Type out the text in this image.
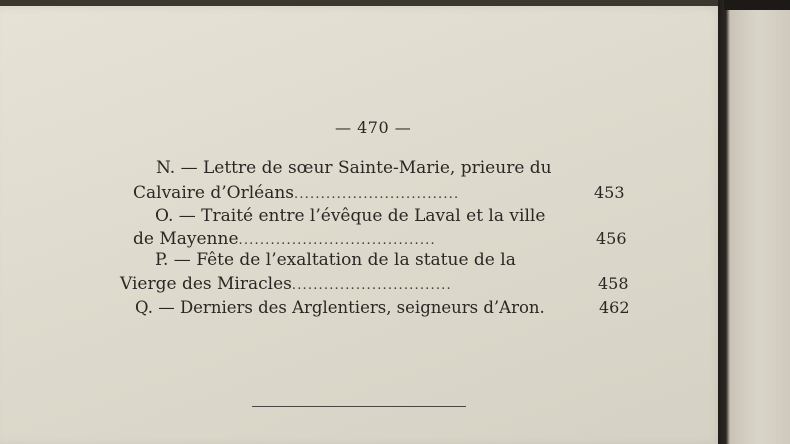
— 470 —
N. — Lettre de sœur Sainte-Marie, prieure du
Calvaire d’Orléans...............................	453
O. — Traité entre l’évêque de Laval et la ville
de Mayenne.....................................	456
P. — Fête de l’exaltation de la statue de la
Vierge des Miracles..............................	458
Q. — Derniers des Arglentiers, seigneurs d’Aron.	462
